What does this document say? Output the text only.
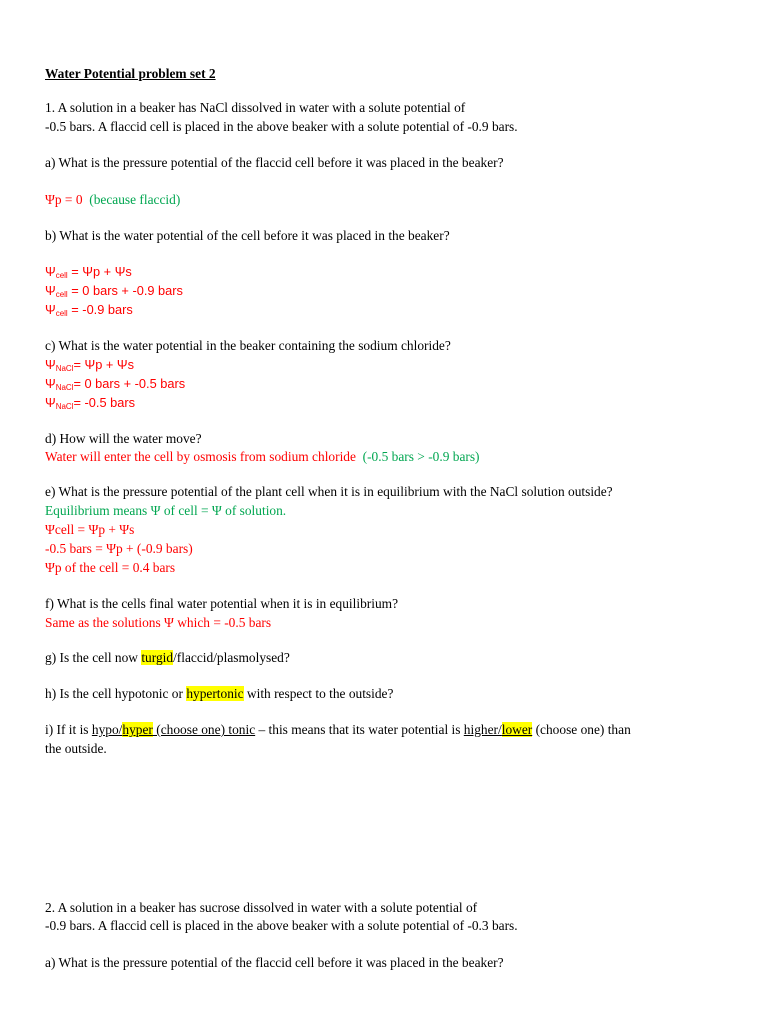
Water Potential problem set 2
1. A solution in a beaker has NaCl dissolved in water with a solute potential of
-0.5 bars. A flaccid cell is placed in the above beaker with a solute potential of -0.9 bars.
a) What is the pressure potential of the flaccid cell before it was placed in the beaker?
Ψp = 0 (because flaccid)
b) What is the water potential of the cell before it was placed in the beaker?
$\Psi_{cell} = \Psi p + \Psi s$
$\Psi_{cell} = 0$ bars + -0.9 bars
$\Psi_{cell} = -0.9$ bars
c) What is the water potential in the beaker containing the sodium chloride?
$\Psi_{NaCl}= \Psi p + \Psi s$
$\Psi_{NaCl}= 0$ bars + -0.5 bars
$\Psi_{NaCl}= -0.5$ bars
d) How will the water move?
Water will enter the cell by osmosis from sodium chloride (-0.5 bars > -0.9 bars)
e) What is the pressure potential of the plant cell when it is in equilibrium with the NaCl solution outside?
Equilibrium means Ψ of cell = Ψ of solution.
Ψcell = Ψp + Ψs
-0.5 bars = Ψp + (-0.9 bars)
Ψp of the cell = 0.4 bars
f) What is the cells final water potential when it is in equilibrium?
Same as the solutions Ψ which = -0.5 bars
g) Is the cell now turgid/flaccid/plasmolysed?
h) Is the cell hypotonic or hypertonic with respect to the outside?
i) If it is hypo/hyper (choose one) tonic – this means that its water potential is higher/lower (choose one) than
the outside.
2. A solution in a beaker has sucrose dissolved in water with a solute potential of
-0.9 bars. A flaccid cell is placed in the above beaker with a solute potential of -0.3 bars.
a) What is the pressure potential of the flaccid cell before it was placed in the beaker?
